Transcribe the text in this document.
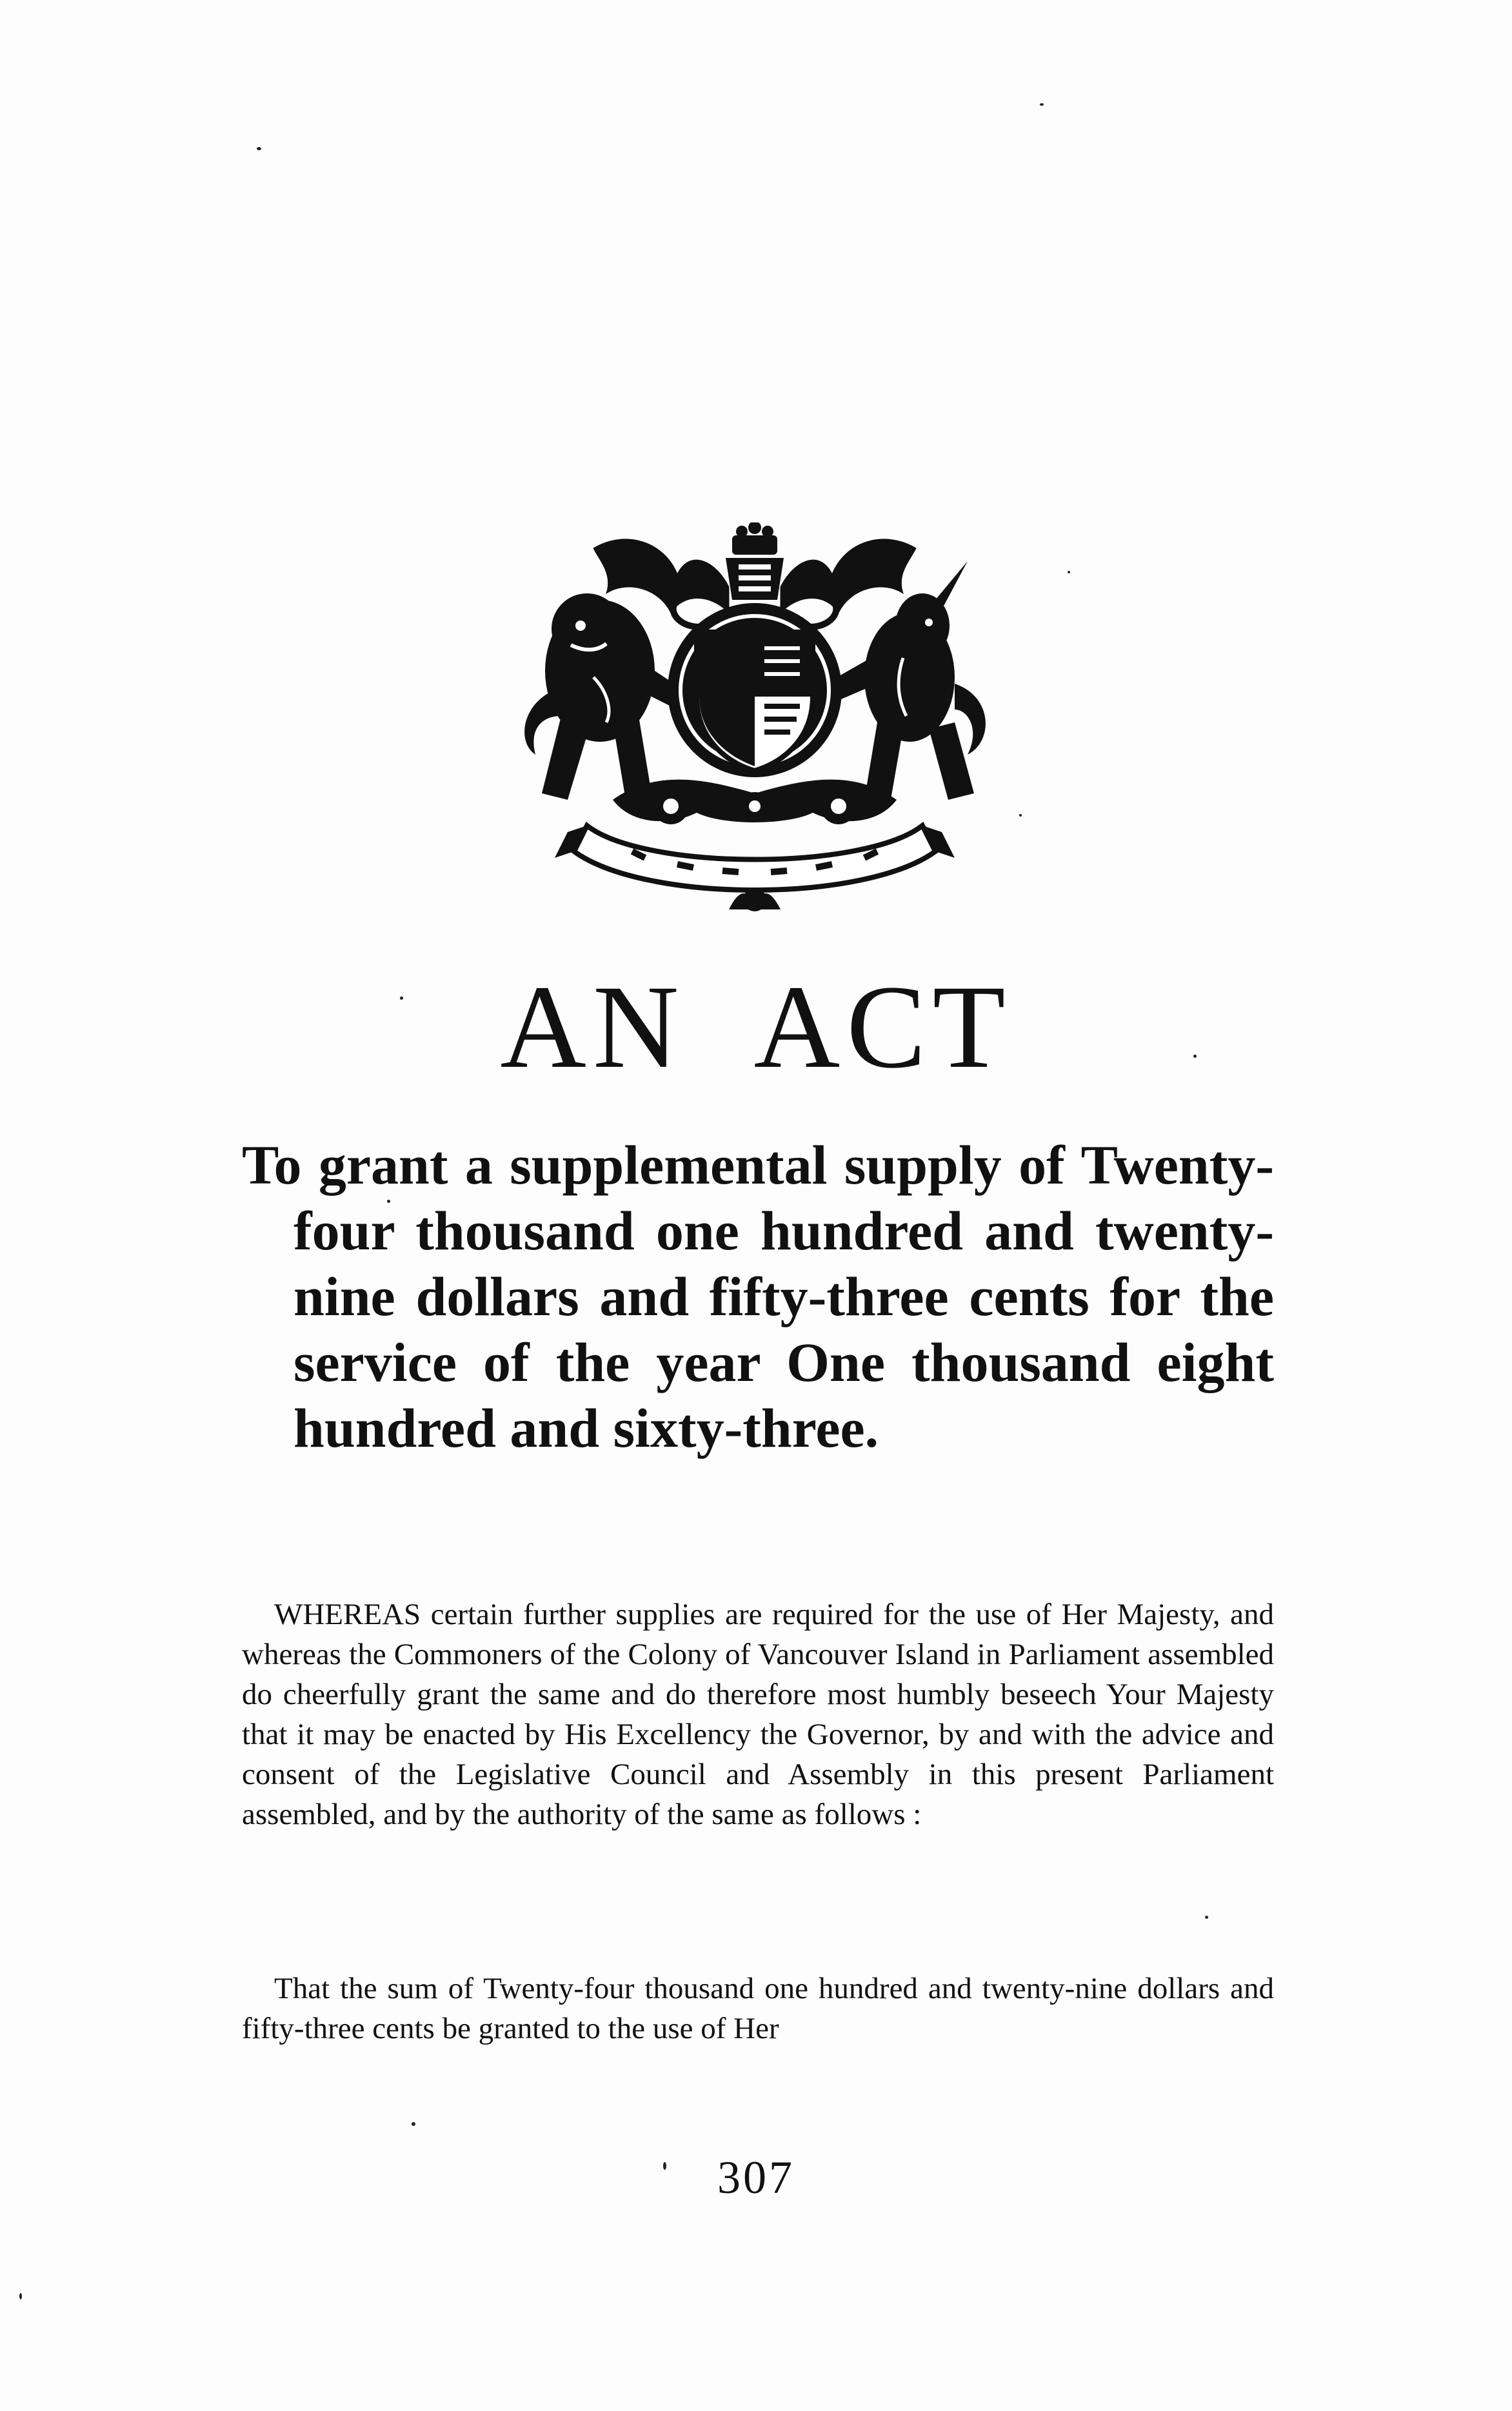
AN ACT
To grant a supplemental supply of Twenty-four thousand one hundred and twenty-nine dollars and fifty-three cents for the service of the year One thousand eight hundred and sixty-three.

WHEREAS certain further supplies are required for the use of Her Majesty, and whereas the Commoners of the Colony of Vancouver Island in Parliament assembled do cheerfully grant the same and do therefore most humbly beseech Your Majesty that it may be enacted by His Excellency the Governor, by and with the advice and consent of the Legislative Council and Assembly in this present Parliament assembled, and by the authority of the same as follows :

That the sum of Twenty-four thousand one hundred and twenty-nine dollars and fifty-three cents be granted to the use of Her

307
